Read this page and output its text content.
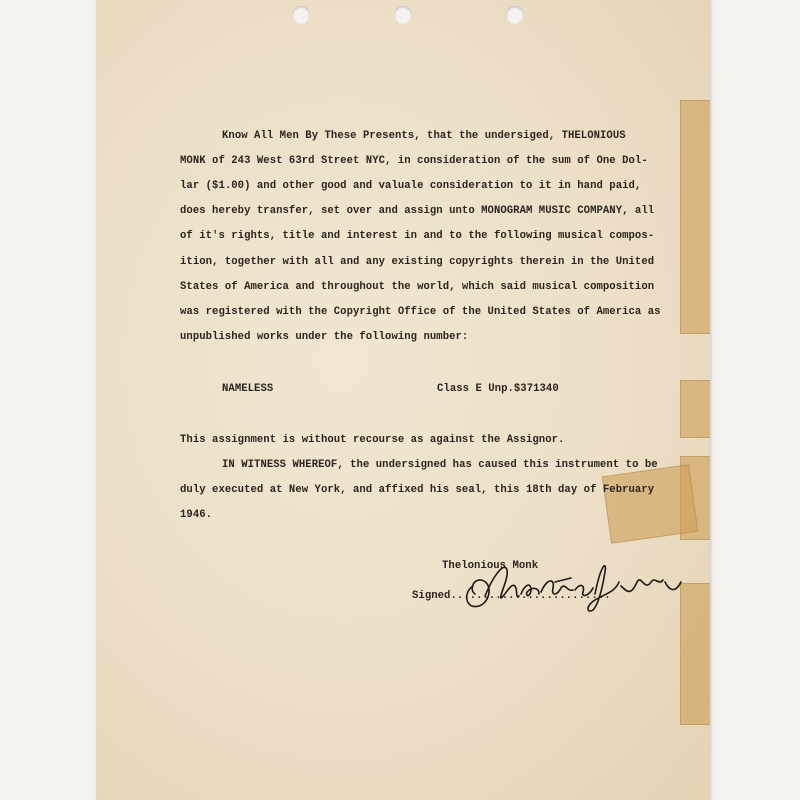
Know All Men By These Presents, that the undersiged, THELONIOUS
MONK of 243 West 63rd Street NYC, in consideration of the sum of One Dol-
lar ($1.00) and other good and valuale consideration to it in hand paid,
does hereby transfer, set over and assign unto MONOGRAM MUSIC COMPANY, all
of it's rights, title and interest in and to the following musical compos-
ition, together with all and any existing copyrights therein in the United
States of America and throughout the world, which said musical composition
was registered with the Copyright Office of the United States of America as
unpublished works under the following number:
NAMELESS	Class E Unp.$371340
This assignment is without recourse as against the Assignor.
IN WITNESS WHEREOF, the undersigned has caused this instrument to be
duly executed at New York, and affixed his seal, this 18th day of February
1946.
Thelonious Monk
Signed.........................
